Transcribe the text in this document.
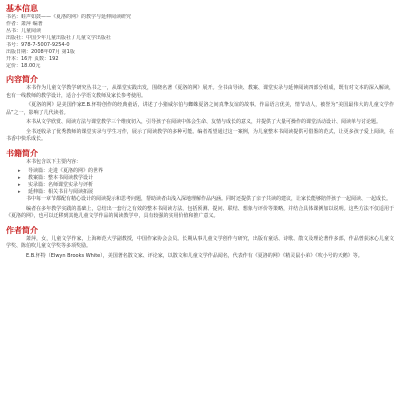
基本信息
书名：蛙声如鼓——《夏洛的网》的教学与延伸阅读研究
作者：萧萍 编著
丛书：儿童阅读
出版社：中国少年儿童出版社 / 儿童文学出版社
书号：978-7-5007-9254-0
出版日期：2008年07月 第1版
开本：16开 页数：192
定价：18.00元
内容简介

本书作为儿童文学教学研究丛书之一，从课堂实践出发，围绕名著《夏洛的网》展开。全书由导读、教案、课堂实录与延伸阅读四部分组成，既有对文本的深入解读，也有一线教师的教学设计，适合小学语文教师及家长参考使用。

《夏洛的网》是美国作家E.B.怀特创作的经典童话，讲述了小猪威尔伯与蜘蛛夏洛之间真挚友谊的故事。作品语言优美，情节动人，被誉为“美国最伟大的儿童文学作品”之一，影响了几代读者。

本书从文学欣赏、阅读方法与课堂教学三个维度切入，引导孩子在阅读中体会生命、友情与成长的意义，并提供了大量可操作的课堂活动设计、阅读单与讨论题。

全书还收录了优秀教师的课堂实录与学生习作，展示了阅读教学的多种可能。编者希望通过这一案例，为儿童整本书阅读提供可借鉴的范式，让更多孩子爱上阅读，在书香中快乐成长。

书籍简介

本书包含以下主要内容：

▸ 导读篇：走进《夏洛的网》的世界
▸ 教案篇：整本书阅读教学设计
▸ 实录篇：名师课堂实录与评析
▸ 延伸篇：相关书目与阅读拓展

书中每一章节都配有精心设计的阅读提示和思考问题，帮助读者由浅入深地理解作品内涵。同时还提供了亲子共读的建议，让家长能够陪伴孩子一起阅读、一起成长。

编者在多年教学实践的基础上，总结出一套行之有效的整本书阅读方法，包括预测、提问、联结、想象与评价等策略，并结合具体课例加以说明。这些方法不仅适用于《夏洛的网》，也可以迁移到其他儿童文学作品的阅读教学中，具有较强的实用价值和推广意义。

作者简介

萧萍，女，儿童文学作家，上海师范大学副教授，中国作家协会会员。长期从事儿童文学创作与研究，出版有童话、诗歌、散文及理论著作多部，作品曾获冰心儿童文学奖、陈伯吹儿童文学奖等多项奖励。

E.B.怀特（Elwyn Brooks White），美国著名散文家、评论家，以散文和儿童文学作品闻名，代表作有《夏洛的网》《精灵鼠小弟》《吹小号的天鹅》等。
